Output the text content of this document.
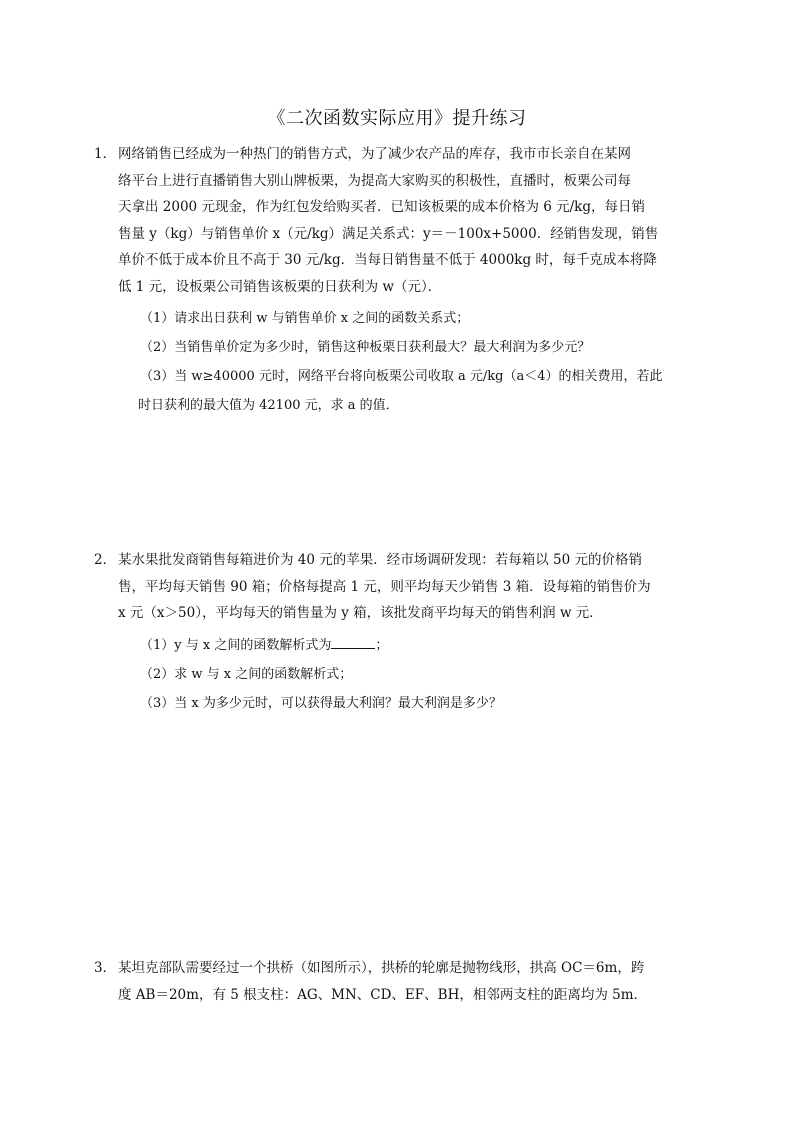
《二次函数实际应用》提升练习
1． 网络销售已经成为一种热门的销售方式，为了减少农产品的库存，我市市长亲自在某网
络平台上进行直播销售大别山牌板栗，为提高大家购买的积极性，直播时，板栗公司每
天拿出 2000 元现金，作为红包发给购买者．已知该板栗的成本价格为 6 元/kg，每日销
售量 y（kg）与销售单价 x（元/kg）满足关系式：y＝－100x+5000．经销售发现，销售
单价不低于成本价且不高于 30 元/kg．当每日销售量不低于 4000kg 时，每千克成本将降
低 1 元，设板栗公司销售该板栗的日获利为 w（元）．
（1）请求出日获利 w 与销售单价 x 之间的函数关系式；
（2）当销售单价定为多少时，销售这种板栗日获利最大？最大利润为多少元？
（3）当 w≥40000 元时，网络平台将向板栗公司收取 a 元/kg（a＜4）的相关费用，若此
时日获利的最大值为 42100 元，求 a 的值．
2． 某水果批发商销售每箱进价为 40 元的苹果．经市场调研发现：若每箱以 50 元的价格销
售，平均每天销售 90 箱；价格每提高 1 元，则平均每天少销售 3 箱．设每箱的销售价为
x 元（x＞50），平均每天的销售量为 y 箱，该批发商平均每天的销售利润 w 元．
（1）y 与 x 之间的函数解析式为	；
（2）求 w 与 x 之间的函数解析式；
（3）当 x 为多少元时，可以获得最大利润？最大利润是多少？
3． 某坦克部队需要经过一个拱桥（如图所示），拱桥的轮廓是抛物线形，拱高 OC＝6m，跨
度 AB＝20m，有 5 根支柱：AG、MN、CD、EF、BH，相邻两支柱的距离均为 5m．
